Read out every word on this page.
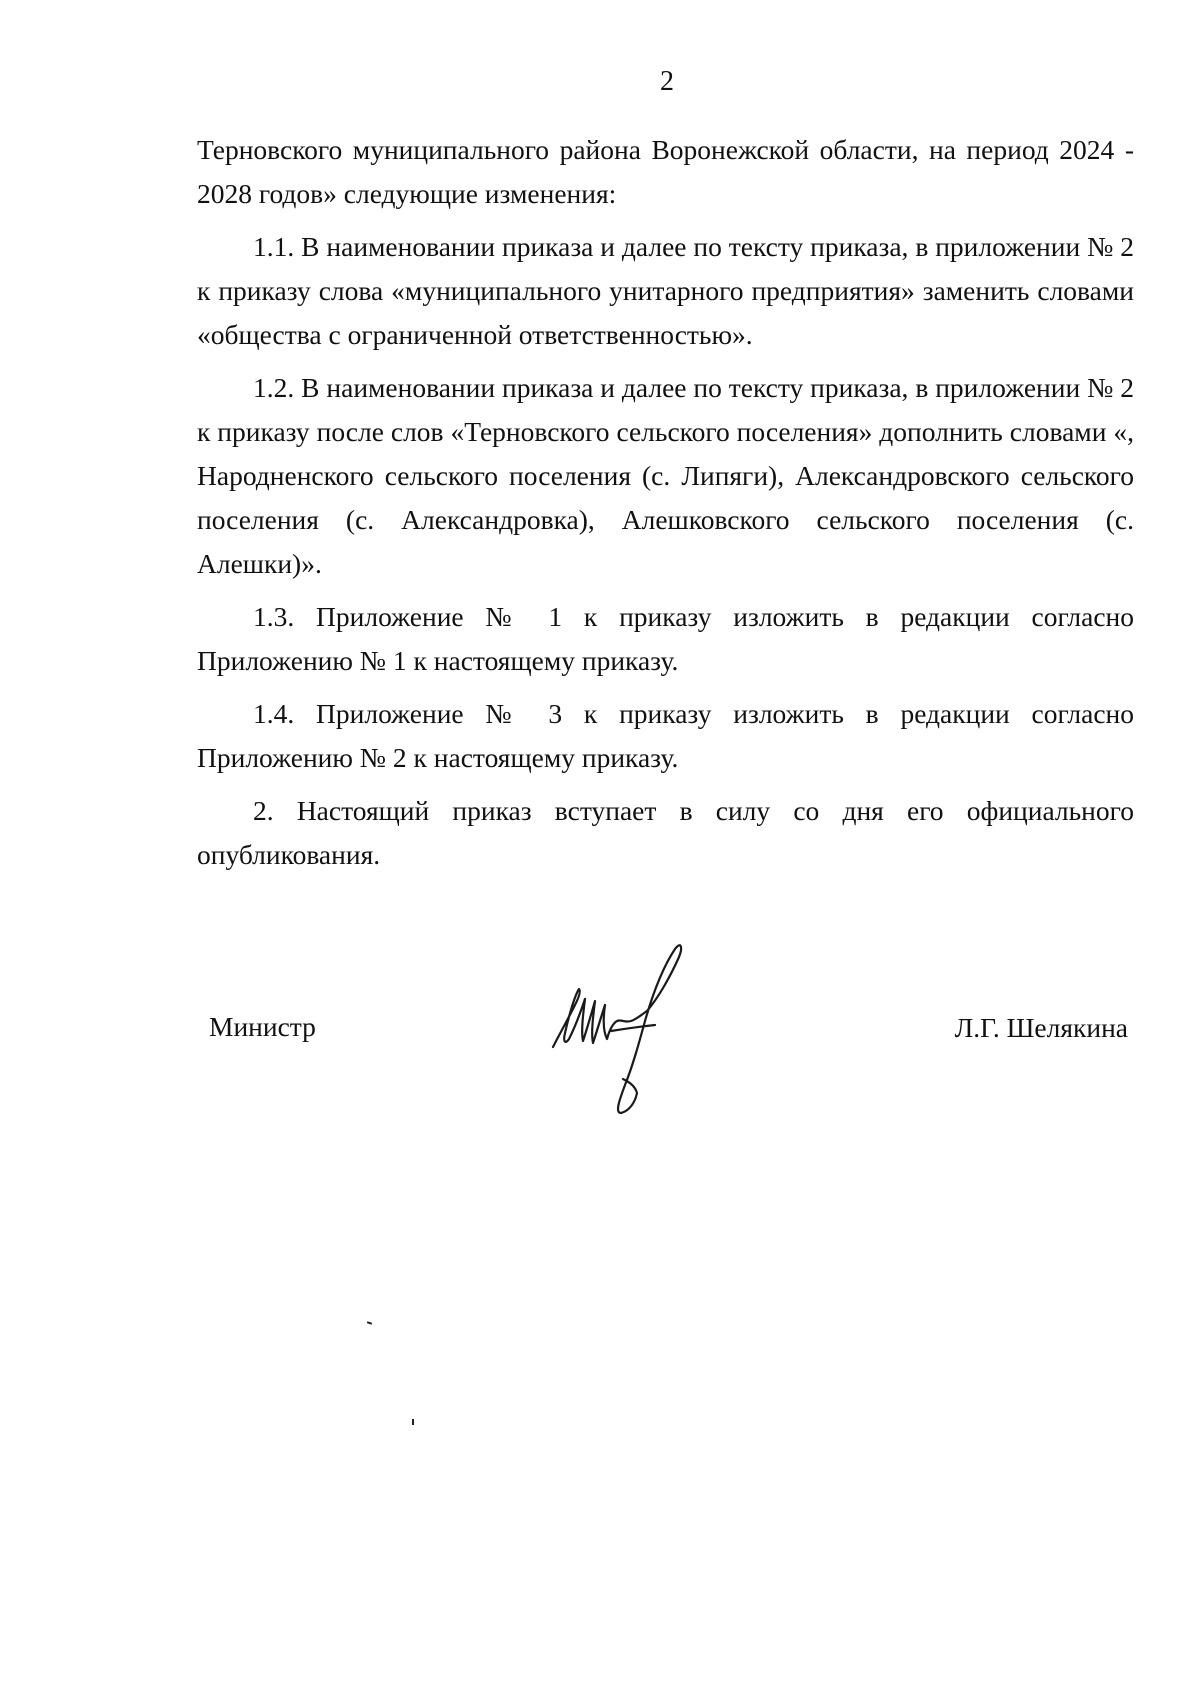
2

Терновского муниципального района Воронежской области, на период 2024 - 2028 годов» следующие изменения:

1.1. В наименовании приказа и далее по тексту приказа, в приложении № 2 к приказу слова «муниципального унитарного предприятия» заменить словами «общества с ограниченной ответственностью».

1.2. В наименовании приказа и далее по тексту приказа, в приложении № 2 к приказу после слов «Терновского сельского поселения» дополнить словами «, Народненского сельского поселения (с. Липяги), Александровского сельского поселения (с. Александровка), Алешковского сельского поселения (с. Алешки)».

1.3. Приложение № 1 к приказу изложить в редакции согласно Приложению № 1 к настоящему приказу.

1.4. Приложение № 3 к приказу изложить в редакции согласно Приложению № 2 к настоящему приказу.

2. Настоящий приказ вступает в силу со дня его официального опубликования.

Министр	Л.Г. Шелякина
